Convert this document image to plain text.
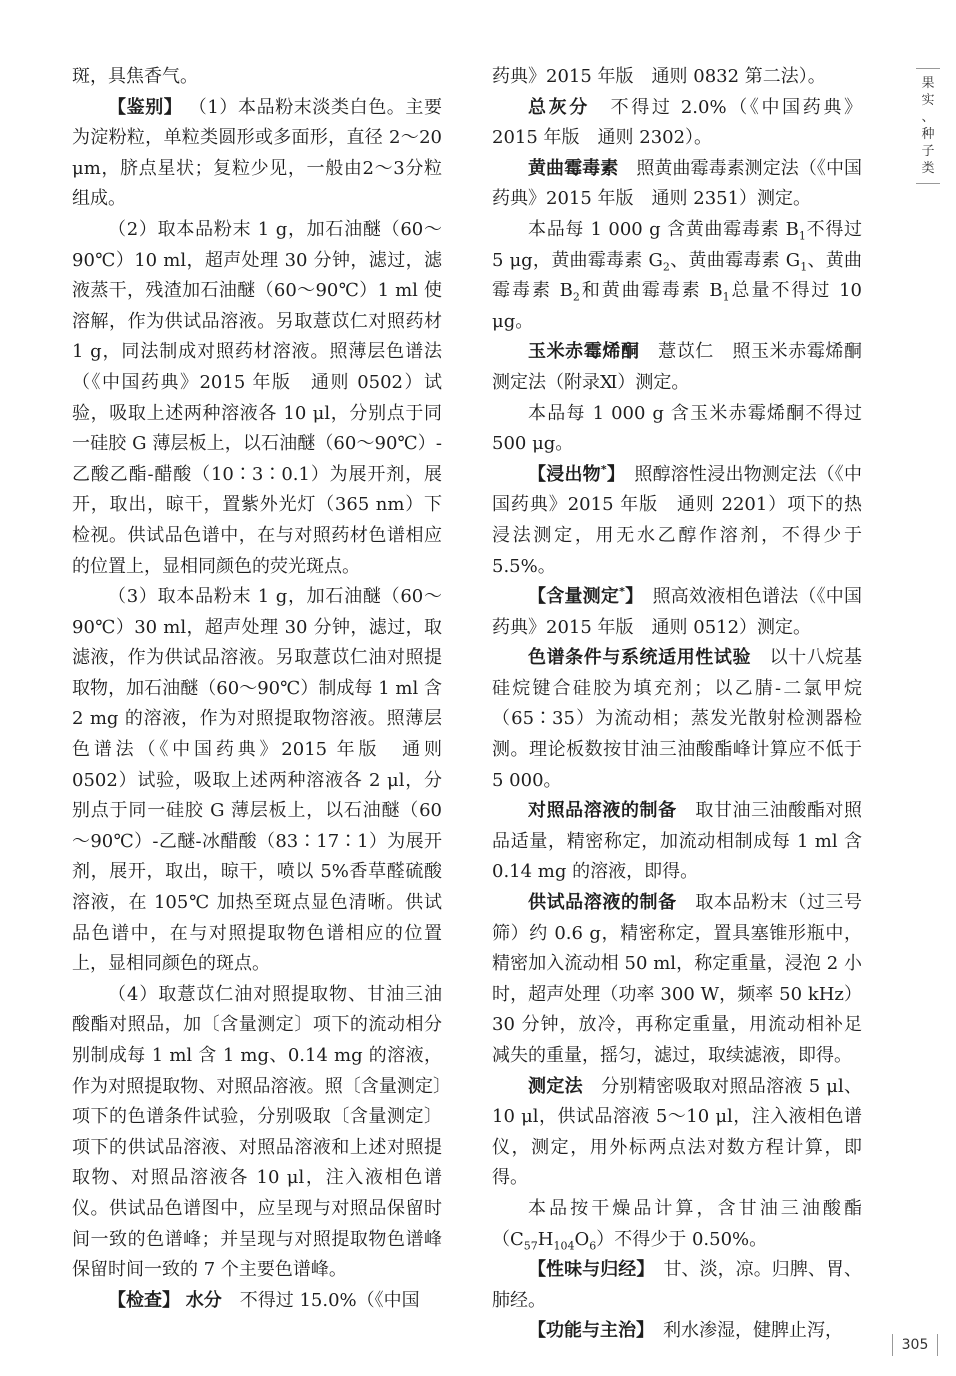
斑，具焦香气。

【鉴别】 （1）本品粉末淡类白色。主要为淀粉粒，单粒类圆形或多面形，直径 2～20 μm，脐点星状；复粒少见，一般由2～3分粒组成。

（2）取本品粉末 1 g，加石油醚（60～90℃）10 ml，超声处理 30 分钟，滤过，滤液蒸干，残渣加石油醚（60～90℃）1 ml 使溶解，作为供试品溶液。另取薏苡仁对照药材 1 g，同法制成对照药材溶液。照薄层色谱法（《中国药典》2015 年版　通则 0502）试验，吸取上述两种溶液各 10 μl，分别点于同一硅胶 G 薄层板上，以石油醚（60～90℃）-乙酸乙酯-醋酸（10∶3∶0.1）为展开剂，展开，取出，晾干，置紫外光灯（365 nm）下检视。供试品色谱中，在与对照药材色谱相应的位置上，显相同颜色的荧光斑点。

（3）取本品粉末 1 g，加石油醚（60～90℃）30 ml，超声处理 30 分钟，滤过，取滤液，作为供试品溶液。另取薏苡仁油对照提取物，加石油醚（60～90℃）制成每 1 ml 含 2 mg 的溶液，作为对照提取物溶液。照薄层色谱法（《中国药典》2015 年版　通则 0502）试验，吸取上述两种溶液各 2 μl，分别点于同一硅胶 G 薄层板上，以石油醚（60～90℃）-乙醚-冰醋酸（83∶17∶1）为展开剂，展开，取出，晾干，喷以 5%香草醛硫酸溶液，在 105℃ 加热至斑点显色清晰。供试品色谱中，在与对照提取物色谱相应的位置上，显相同颜色的斑点。

（4）取薏苡仁油对照提取物、甘油三油酸酯对照品，加〔含量测定〕项下的流动相分别制成每 1 ml 含 1 mg、0.14 mg 的溶液，作为对照提取物、对照品溶液。照〔含量测定〕项下的色谱条件试验，分别吸取〔含量测定〕项下的供试品溶液、对照品溶液和上述对照提取物、对照品溶液各 10 μl，注入液相色谱仪。供试品色谱图中，应呈现与对照品保留时间一致的色谱峰；并呈现与对照提取物色谱峰保留时间一致的 7 个主要色谱峰。

【检查】 水分　 不得过 15.0%（《中国

药典》2015 年版　通则 0832 第二法）。

总灰分　 不得过 2.0%（《中国药典》2015 年版　通则 2302）。

黄曲霉毒素　 照黄曲霉毒素测定法（《中国药典》2015 年版　通则 2351）测定。

本品每 1 000 g 含黄曲霉毒素 $B_1$不得过 5 μg，黄曲霉毒素 $G_2$、黄曲霉毒素 $G_1$、黄曲霉毒素 $B_2$和黄曲霉毒素 $B_1$总量不得过 10 μg。

玉米赤霉烯酮　 薏苡仁　照玉米赤霉烯酮测定法（附录Ⅺ）测定。

本品每 1 000 g 含玉米赤霉烯酮不得过 500 μg。

【浸出物*】　 照醇溶性浸出物测定法（《中国药典》2015 年版　通则 2201）项下的热浸法测定，用无水乙醇作溶剂，不得少于 5.5%。

【含量测定*】　 照高效液相色谱法（《中国药典》2015 年版　通则 0512）测定。

色谱条件与系统适用性试验　 以十八烷基硅烷键合硅胶为填充剂；以乙腈-二氯甲烷（65∶35）为流动相；蒸发光散射检测器检测。理论板数按甘油三油酸酯峰计算应不低于 5 000。

对照品溶液的制备　 取甘油三油酸酯对照品适量，精密称定，加流动相制成每 1 ml 含 0.14 mg 的溶液，即得。

供试品溶液的制备　 取本品粉末（过三号筛）约 0.6 g，精密称定，置具塞锥形瓶中，精密加入流动相 50 ml，称定重量，浸泡 2 小时，超声处理（功率 300 W，频率 50 kHz）30 分钟，放冷，再称定重量，用流动相补足减失的重量，摇匀，滤过，取续滤液，即得。

测定法　 分别精密吸取对照品溶液 5 μl、10 μl，供试品溶液 5～10 μl，注入液相色谱仪，测定，用外标两点法对数方程计算，即得。

本品按干燥品计算，含甘油三油酸酯$(C_{57}H_{104}O_6)$不得少于 0.50%。

【性味与归经】　 甘、淡，凉。归脾、胃、肺经。

【功能与主治】　 利水渗湿，健脾止泻，

果
实
、
种
子
类
305
